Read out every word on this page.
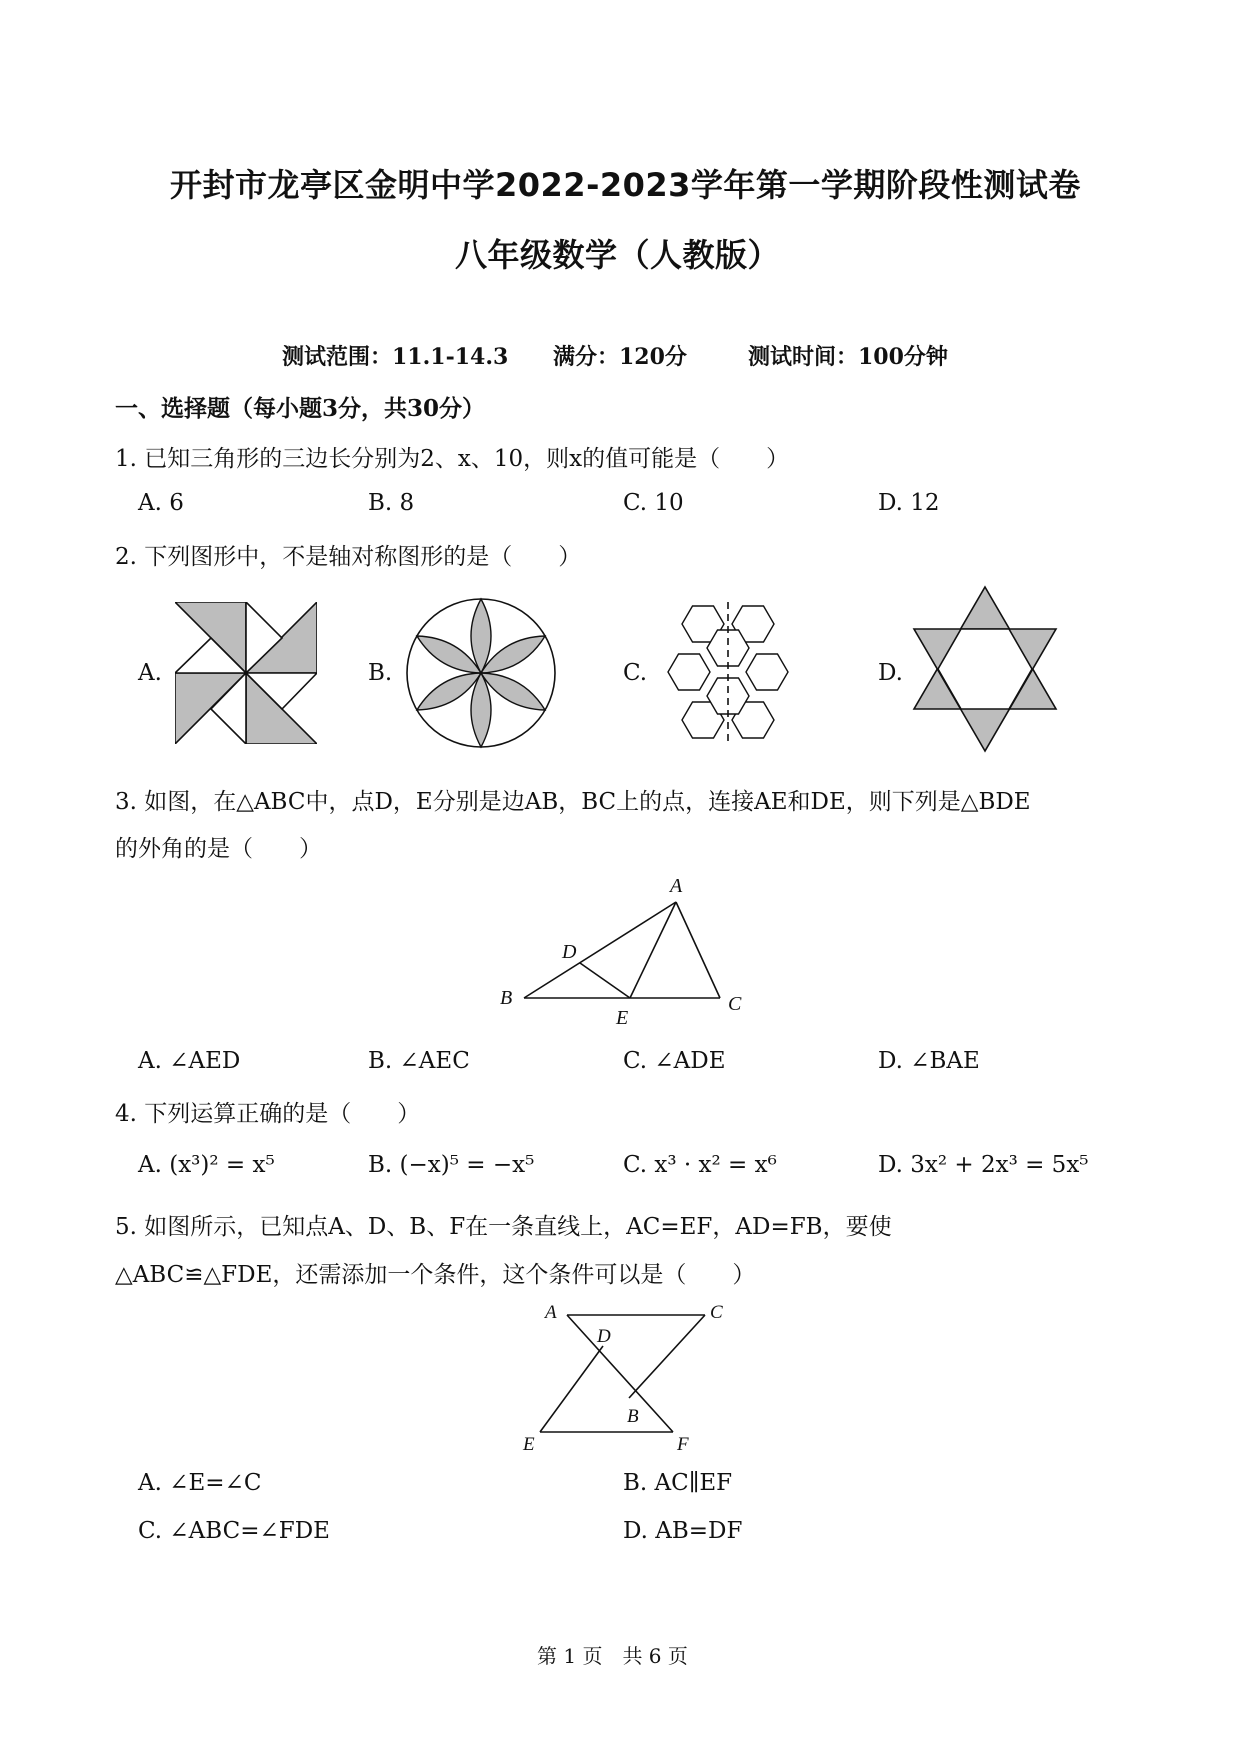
开封市龙亭区金明中学2022-2023学年第一学期阶段性测试卷
八年级数学（人教版）
测试范围：11.1-14.3 满分：120分	测试时间：100分钟
一、选择题（每小题3分，共30分）
1. 已知三角形的三边长分别为2、x、10，则x的值可能是（　　）
A. 6	B. 8	C. 10	D. 12
2. 下列图形中，不是轴对称图形的是（　　）
A.	B.	C.	D.
3. 如图，在△ABC中，点D，E分别是边AB，BC上的点，连接AE和DE，则下列是△BDE
的外角的是（　　）
A
B	C
D
E
A. ∠AED	B. ∠AEC	C. ∠ADE	D. ∠BAE
4. 下列运算正确的是（　　）
A. (x³)² = x⁵	B. (−x)⁵ = −x⁵	C. x³ · x² = x⁶	D. 3x² + 2x³ = 5x⁵
5. 如图所示，已知点A、D、B、F在一条直线上，AC=EF，AD=FB，要使
△ABC≌△FDE，还需添加一个条件，这个条件可以是（　　）
A	C
D
B
E	F
A. ∠E=∠C	B. AC∥EF
C. ∠ABC=∠FDE	D. AB=DF
第 1 页　共 6 页
